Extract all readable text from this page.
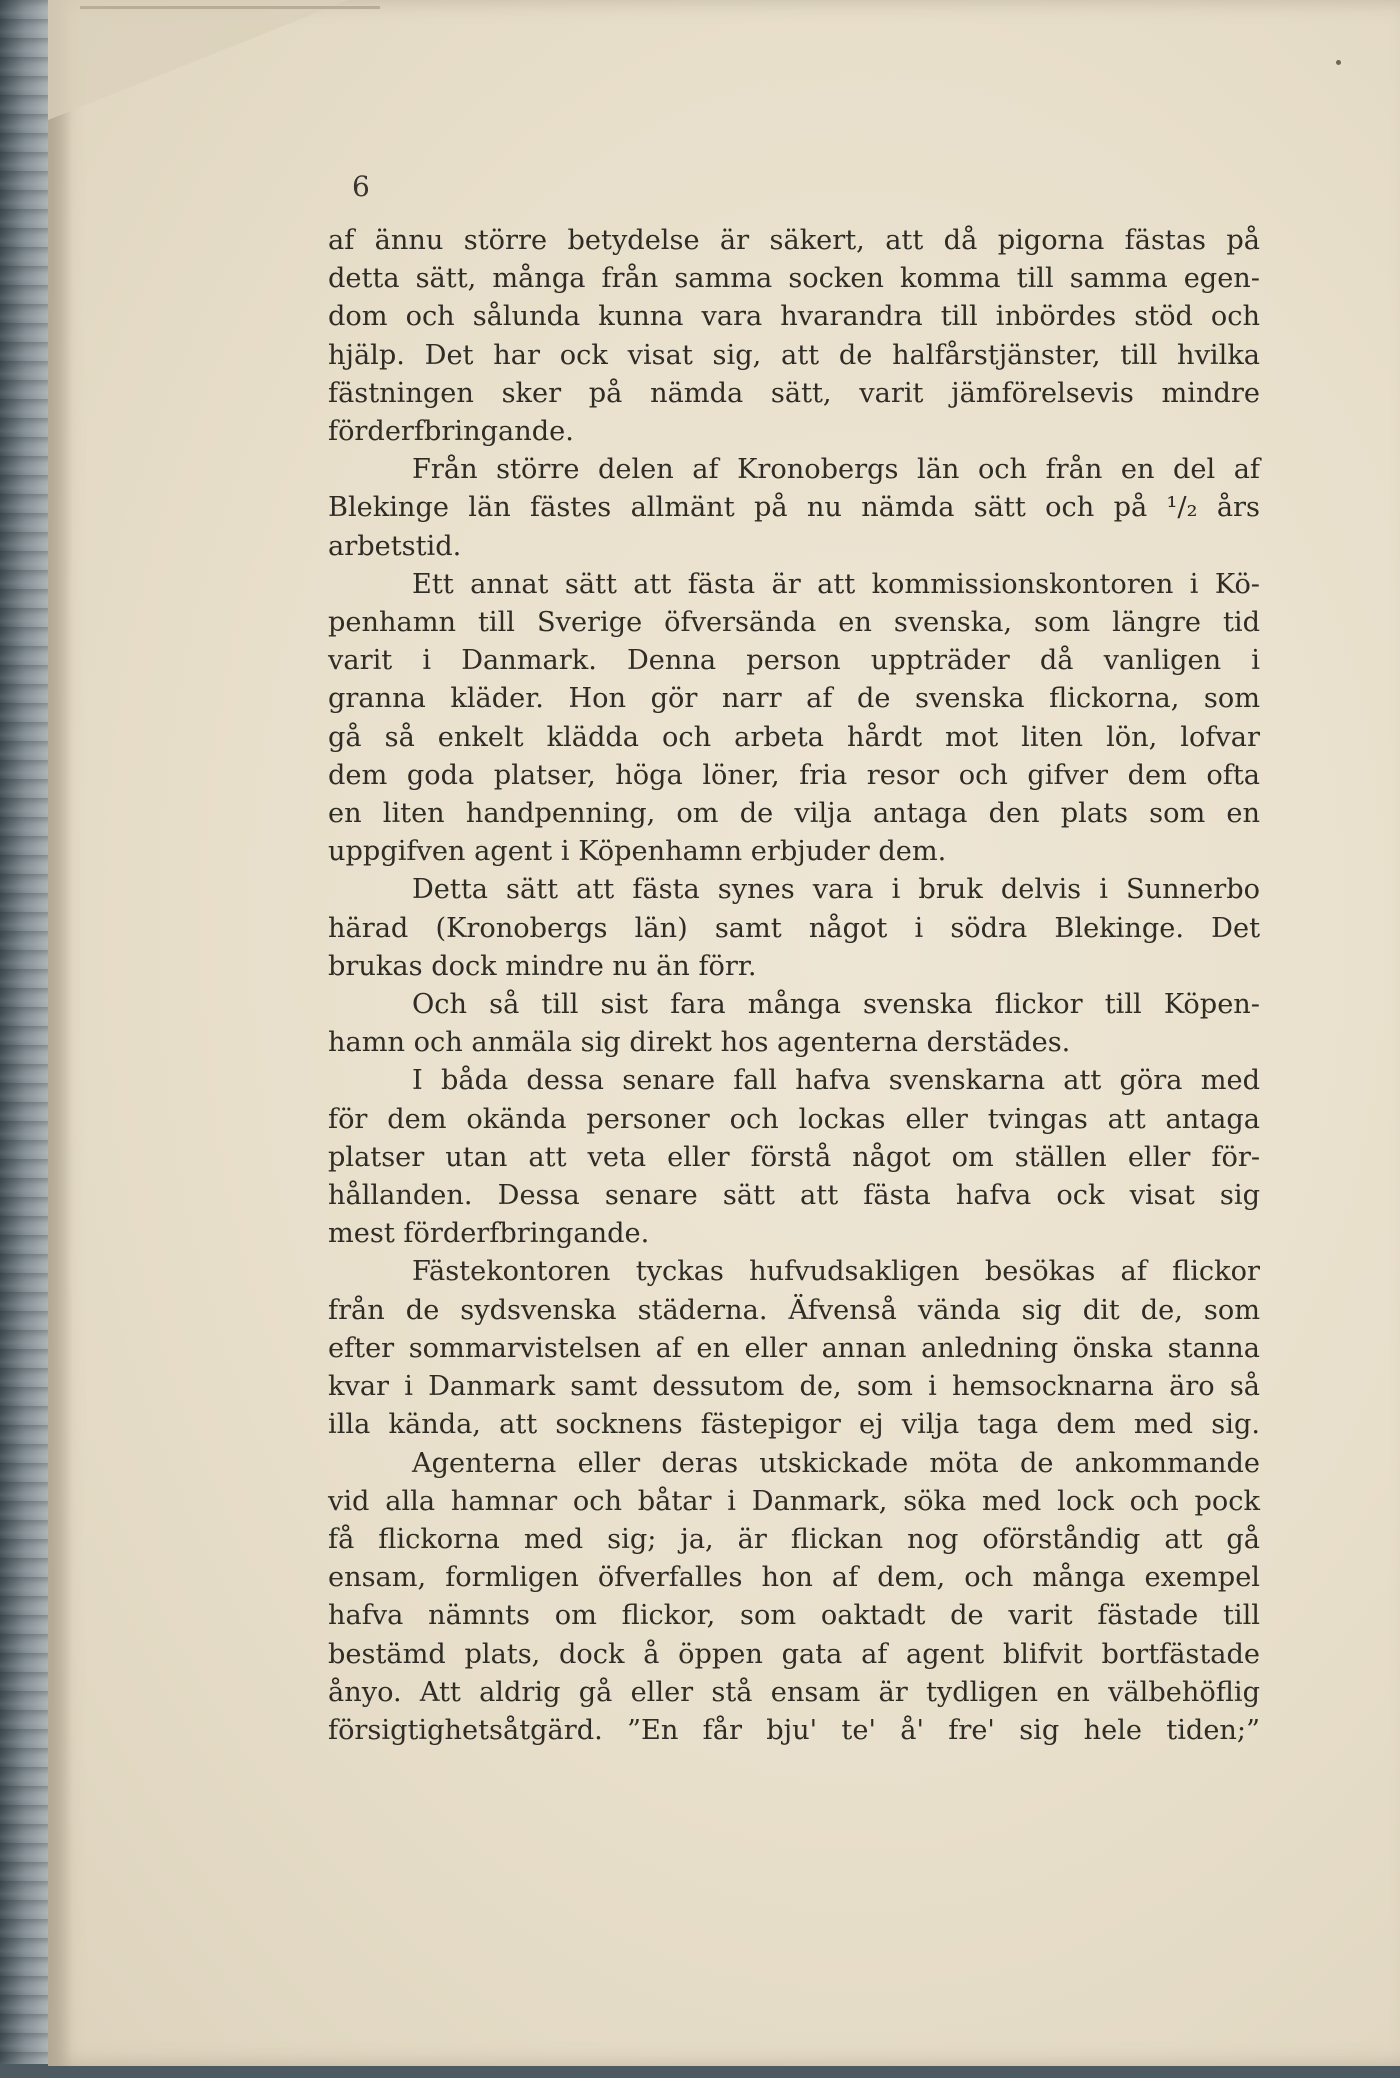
6
af ännu större betydelse är säkert, att då pigorna fästas på
detta sätt, många från samma socken komma till samma egen-
dom och sålunda kunna vara hvarandra till inbördes stöd och
hjälp. Det har ock visat sig, att de halfårstjänster, till hvilka
fästningen sker på nämda sätt, varit jämförelsevis mindre
förderfbringande.
Från större delen af Kronobergs län och från en del af
Blekinge län fästes allmänt på nu nämda sätt och på ¹/₂ års
arbetstid.
Ett annat sätt att fästa är att kommissionskontoren i Kö-
penhamn till Sverige öfversända en svenska, som längre tid
varit i Danmark. Denna person uppträder då vanligen i
granna kläder. Hon gör narr af de svenska flickorna, som
gå så enkelt klädda och arbeta hårdt mot liten lön, lofvar
dem goda platser, höga löner, fria resor och gifver dem ofta
en liten handpenning, om de vilja antaga den plats som en
uppgifven agent i Köpenhamn erbjuder dem.
Detta sätt att fästa synes vara i bruk delvis i Sunnerbo
härad (Kronobergs län) samt något i södra Blekinge. Det
brukas dock mindre nu än förr.
Och så till sist fara många svenska flickor till Köpen-
hamn och anmäla sig direkt hos agenterna derstädes.
I båda dessa senare fall hafva svenskarna att göra med
för dem okända personer och lockas eller tvingas att antaga
platser utan att veta eller förstå något om ställen eller för-
hållanden. Dessa senare sätt att fästa hafva ock visat sig
mest förderfbringande.
Fästekontoren tyckas hufvudsakligen besökas af flickor
från de sydsvenska städerna. Äfvenså vända sig dit de, som
efter sommarvistelsen af en eller annan anledning önska stanna
kvar i Danmark samt dessutom de, som i hemsocknarna äro så
illa kända, att socknens fästepigor ej vilja taga dem med sig.
Agenterna eller deras utskickade möta de ankommande
vid alla hamnar och båtar i Danmark, söka med lock och pock
få flickorna med sig; ja, är flickan nog oförståndig att gå
ensam, formligen öfverfalles hon af dem, och många exempel
hafva nämnts om flickor, som oaktadt de varit fästade till
bestämd plats, dock å öppen gata af agent blifvit bortfästade
ånyo. Att aldrig gå eller stå ensam är tydligen en välbehöflig
försigtighetsåtgärd. ”En får bju' te' å' fre' sig hele tiden;”
